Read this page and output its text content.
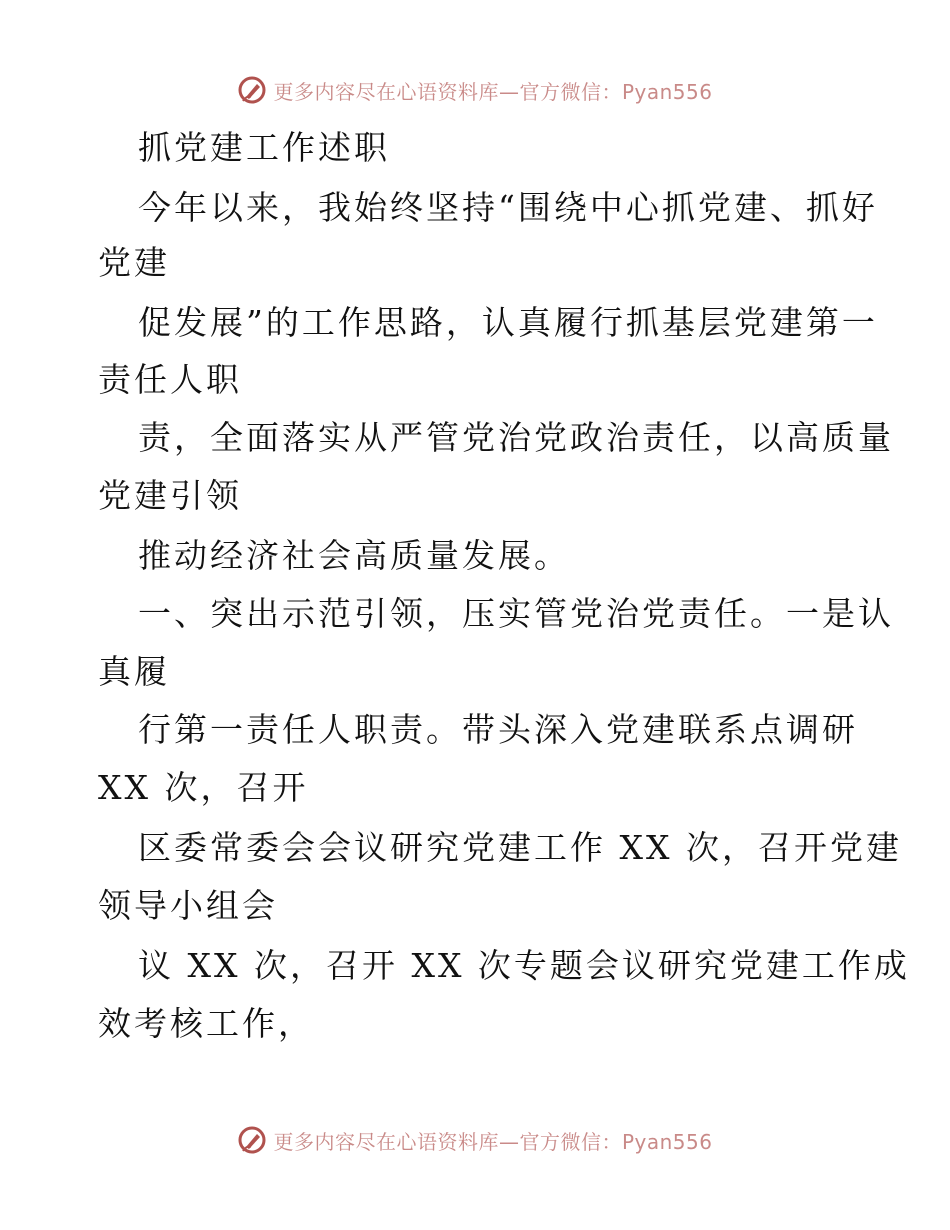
更多内容尽在心语资料库—官方微信：Pyan556
抓党建工作述职
今年以来，我始终坚持“围绕中心抓党建、抓好
党建
促发展”的工作思路，认真履行抓基层党建第一
责任人职
责，全面落实从严管党治党政治责任，以高质量
党建引领
推动经济社会高质量发展。
一、突出示范引领，压实管党治党责任。一是认
真履
行第一责任人职责。带头深入党建联系点调研
XX 次，召开
区委常委会会议研究党建工作 XX 次，召开党建
领导小组会
议 XX 次，召开 XX 次专题会议研究党建工作成
效考核工作，
更多内容尽在心语资料库—官方微信：Pyan556
